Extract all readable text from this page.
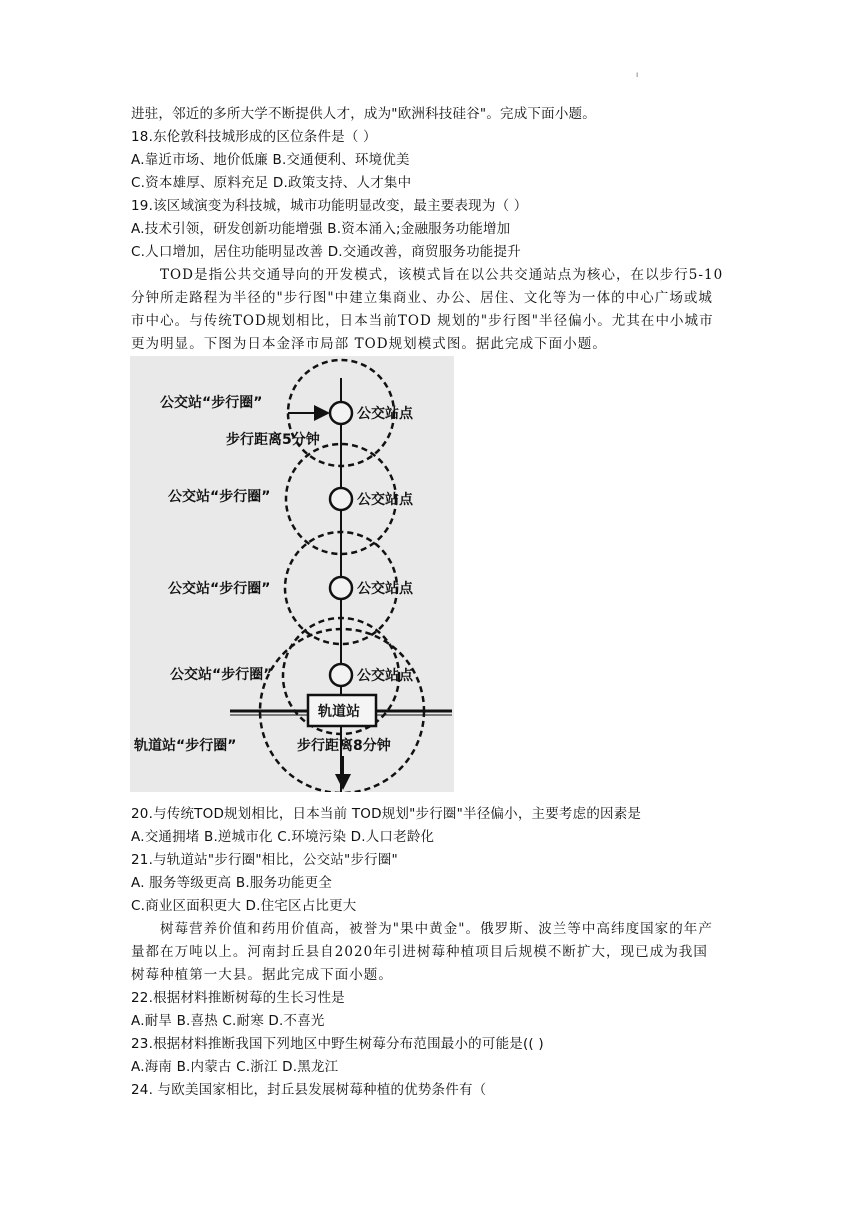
ı
进驻，邻近的多所大学不断提供人才，成为"欧洲科技硅谷"。完成下面小题。
18.东伦敦科技城形成的区位条件是（ ）
A.靠近市场、地价低廉 B.交通便利、环境优美
C.资本雄厚、原料充足 D.政策支持、人才集中
19.该区域演变为科技城，城市功能明显改变，最主要表现为（ ）
A.技术引领，研发创新功能增强 B.资本涌入;金融服务功能增加
C.人口增加，居住功能明显改善 D.交通改善，商贸服务功能提升
TOD是指公共交通导向的开发模式，该模式旨在以公共交通站点为核心，在以步行5-10
分钟所走路程为半径的"步行图"中建立集商业、办公、居住、文化等为一体的中心广场或城
市中心。与传统TOD规划相比，日本当前TOD 规划的"步行图"半径偏小。尤其在中小城市
更为明显。下图为日本金泽市局部 TOD规划模式图。据此完成下面小题。
公交站“步行圈”
公交站点
步行距离5分钟
公交站“步行圈”	公交站点
公交站“步行圈”	公交站点
公交站“步行圈”	公交站点
轨道站
轨道站“步行圈”	步行距离8分钟
20.与传统TOD规划相比，日本当前 TOD规划"步行圈"半径偏小，主要考虑的因素是
A.交通拥堵 B.逆城市化 C.环境污染 D.人口老龄化
21.与轨道站"步行圈"相比，公交站"步行圈"
A. 服务等级更高 B.服务功能更全
C.商业区面积更大 D.住宅区占比更大
树莓营养价值和药用价值高，被誉为"果中黄金"。俄罗斯、波兰等中高纬度国家的年产
量都在万吨以上。河南封丘县自2020年引进树莓种植项目后规模不断扩大，现已成为我国
树莓种植第一大县。据此完成下面小题。
22.根据材料推断树莓的生长习性是
A.耐旱 B.喜热 C.耐寒 D.不喜光
23.根据材料推断我国下列地区中野生树莓分布范围最小的可能是(( )
A.海南 B.内蒙古 C.浙江 D.黑龙江
24. 与欧美国家相比，封丘县发展树莓种植的优势条件有（
